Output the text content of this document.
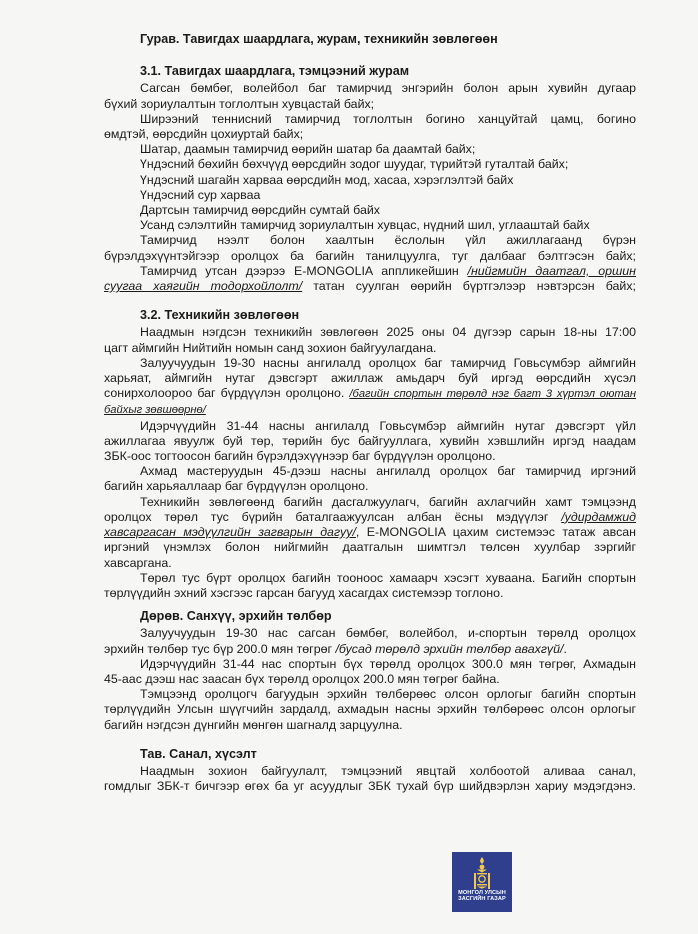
Гурав. Тавигдах шаардлага, журам, техникийн зөвлөгөөн
3.1. Тавигдах шаардлага, тэмцээний журам
Сагсан бөмбөг, волейбол баг тамирчид энгэрийн болон арын хувийн дугаар
бүхий зориулалтын тоглолтын хувцастай байх;
Ширээний теннисний тамирчид тоглолтын богино ханцуйтай цамц, богино
өмдтэй, өөрсдийн цохиуртай байх;
Шатар, даамын тамирчид өөрийн шатар ба даамтай байх;
Үндэсний бөхийн бөхчүүд өөрсдийн зодог шуудаг, түрийтэй гуталтай байх;
Үндэсний шагайн харваа өөрсдийн мод, хасаа, хэрэглэлтэй байх
Үндэсний сур харваа
Дартсын тамирчид өөрсдийн сумтай байх
Усанд сэлэлтийн тамирчид зориулалтын хувцас, нүдний шил, углааштай байх
Тамирчид нээлт болон хаалтын ёслолын үйл ажиллагаанд бүрэн
бүрэлдэхүүнтэйгээр оролцох ба багийн танилцуулга, туг далбааг бэлтгэсэн байх;
Тамирчид утсан дээрээ E-MONGOLIA аппликейшин /нийгмийн даатгал, оршин
суугаа хаягийн тодорхойлолт/ татан суулган өөрийн бүртгэлээр нэвтэрсэн байх;
3.2. Техникийн зөвлөгөөн
Наадмын нэгдсэн техникийн зөвлөгөөн 2025 оны 04 дүгээр сарын 18-ны 17:00
цагт аймгийн Нийтийн номын санд зохион байгуулагдана.
Залуучуудын 19-30 насны ангилалд оролцох баг тамирчид Говьсүмбэр аймгийн
харьяат, аймгийн нутаг дэвсгэрт ажиллаж амьдарч буй иргэд өөрсдийн хүсэл
сонирхолоороо баг бүрдүүлэн оролцоно. /багийн спортын төрөлд нэг багт 3 хүртэл оютан
байхыг зөвшөөрнө/
Идэрчүүдийн 31-44 насны ангилалд Говьсүмбэр аймгийн нутаг дэвсгэрт үйл
ажиллагаа явуулж буй төр, төрийн бус байгууллага, хувийн хэвшлийн иргэд наадам
ЗБК-оос тогтоосон багийн бүрэлдэхүүнээр баг бүрдүүлэн оролцоно.
Ахмад мастеруудын 45-дээш насны ангилалд оролцох баг тамирчид иргэний
багийн харьяаллаар баг бүрдүүлэн оролцоно.
Техникийн зөвлөгөөнд багийн дасгалжуулагч, багийн ахлагчийн хамт тэмцээнд
оролцох төрөл тус бүрийн баталгаажуулсан албан ёсны мэдүүлэг /удирдамжид
хавсаргасан мэдүүлгийн загварын дагуу/, E-MONGOLIA цахим системээс татаж авсан
иргэний үнэмлэх болон нийгмийн даатгалын шимтгэл төлсөн хуулбар зэргийг
хавсаргана.
Төрөл тус бүрт оролцох багийн тооноос хамаарч хэсэгт хуваана. Багийн спортын
төрлүүдийн эхний хэсгээс гарсан багууд хасагдах системээр тоглоно.
Дөрөв. Санхүү, эрхийн төлбөр
Залуучуудын 19-30 нас сагсан бөмбөг, волейбол, и-спортын төрөлд оролцох
эрхийн төлбөр тус бүр 200.0 мян төгрөг /бусад төрөлд эрхийн төлбөр авахгүй/.
Идэрчүүдийн 31-44 нас спортын бүх төрөлд оролцох 300.0 мян төгрөг, Ахмадын
45-аас дээш нас заасан бүх төрөлд оролцох 200.0 мян төгрөг байна.
Тэмцээнд оролцогч багуудын эрхийн төлбөрөөс олсон орлогыг багийн спортын
төрлүүдийн Улсын шүүгчийн зардалд, ахмадын насны эрхийн төлбөрөөс олсон орлогыг
багийн нэгдсэн дүнгийн мөнгөн шагналд зарцуулна.
Тав. Санал, хүсэлт
Наадмын зохион байгуулалт, тэмцээний явцтай холбоотой аливаа санал,
гомдлыг ЗБК-т бичгээр өгөх ба уг асуудлыг ЗБК тухай бүр шийдвэрлэн хариу мэдэгдэнэ.
МОНГОЛ УЛСЫН
ЗАСГИЙН ГАЗАР
